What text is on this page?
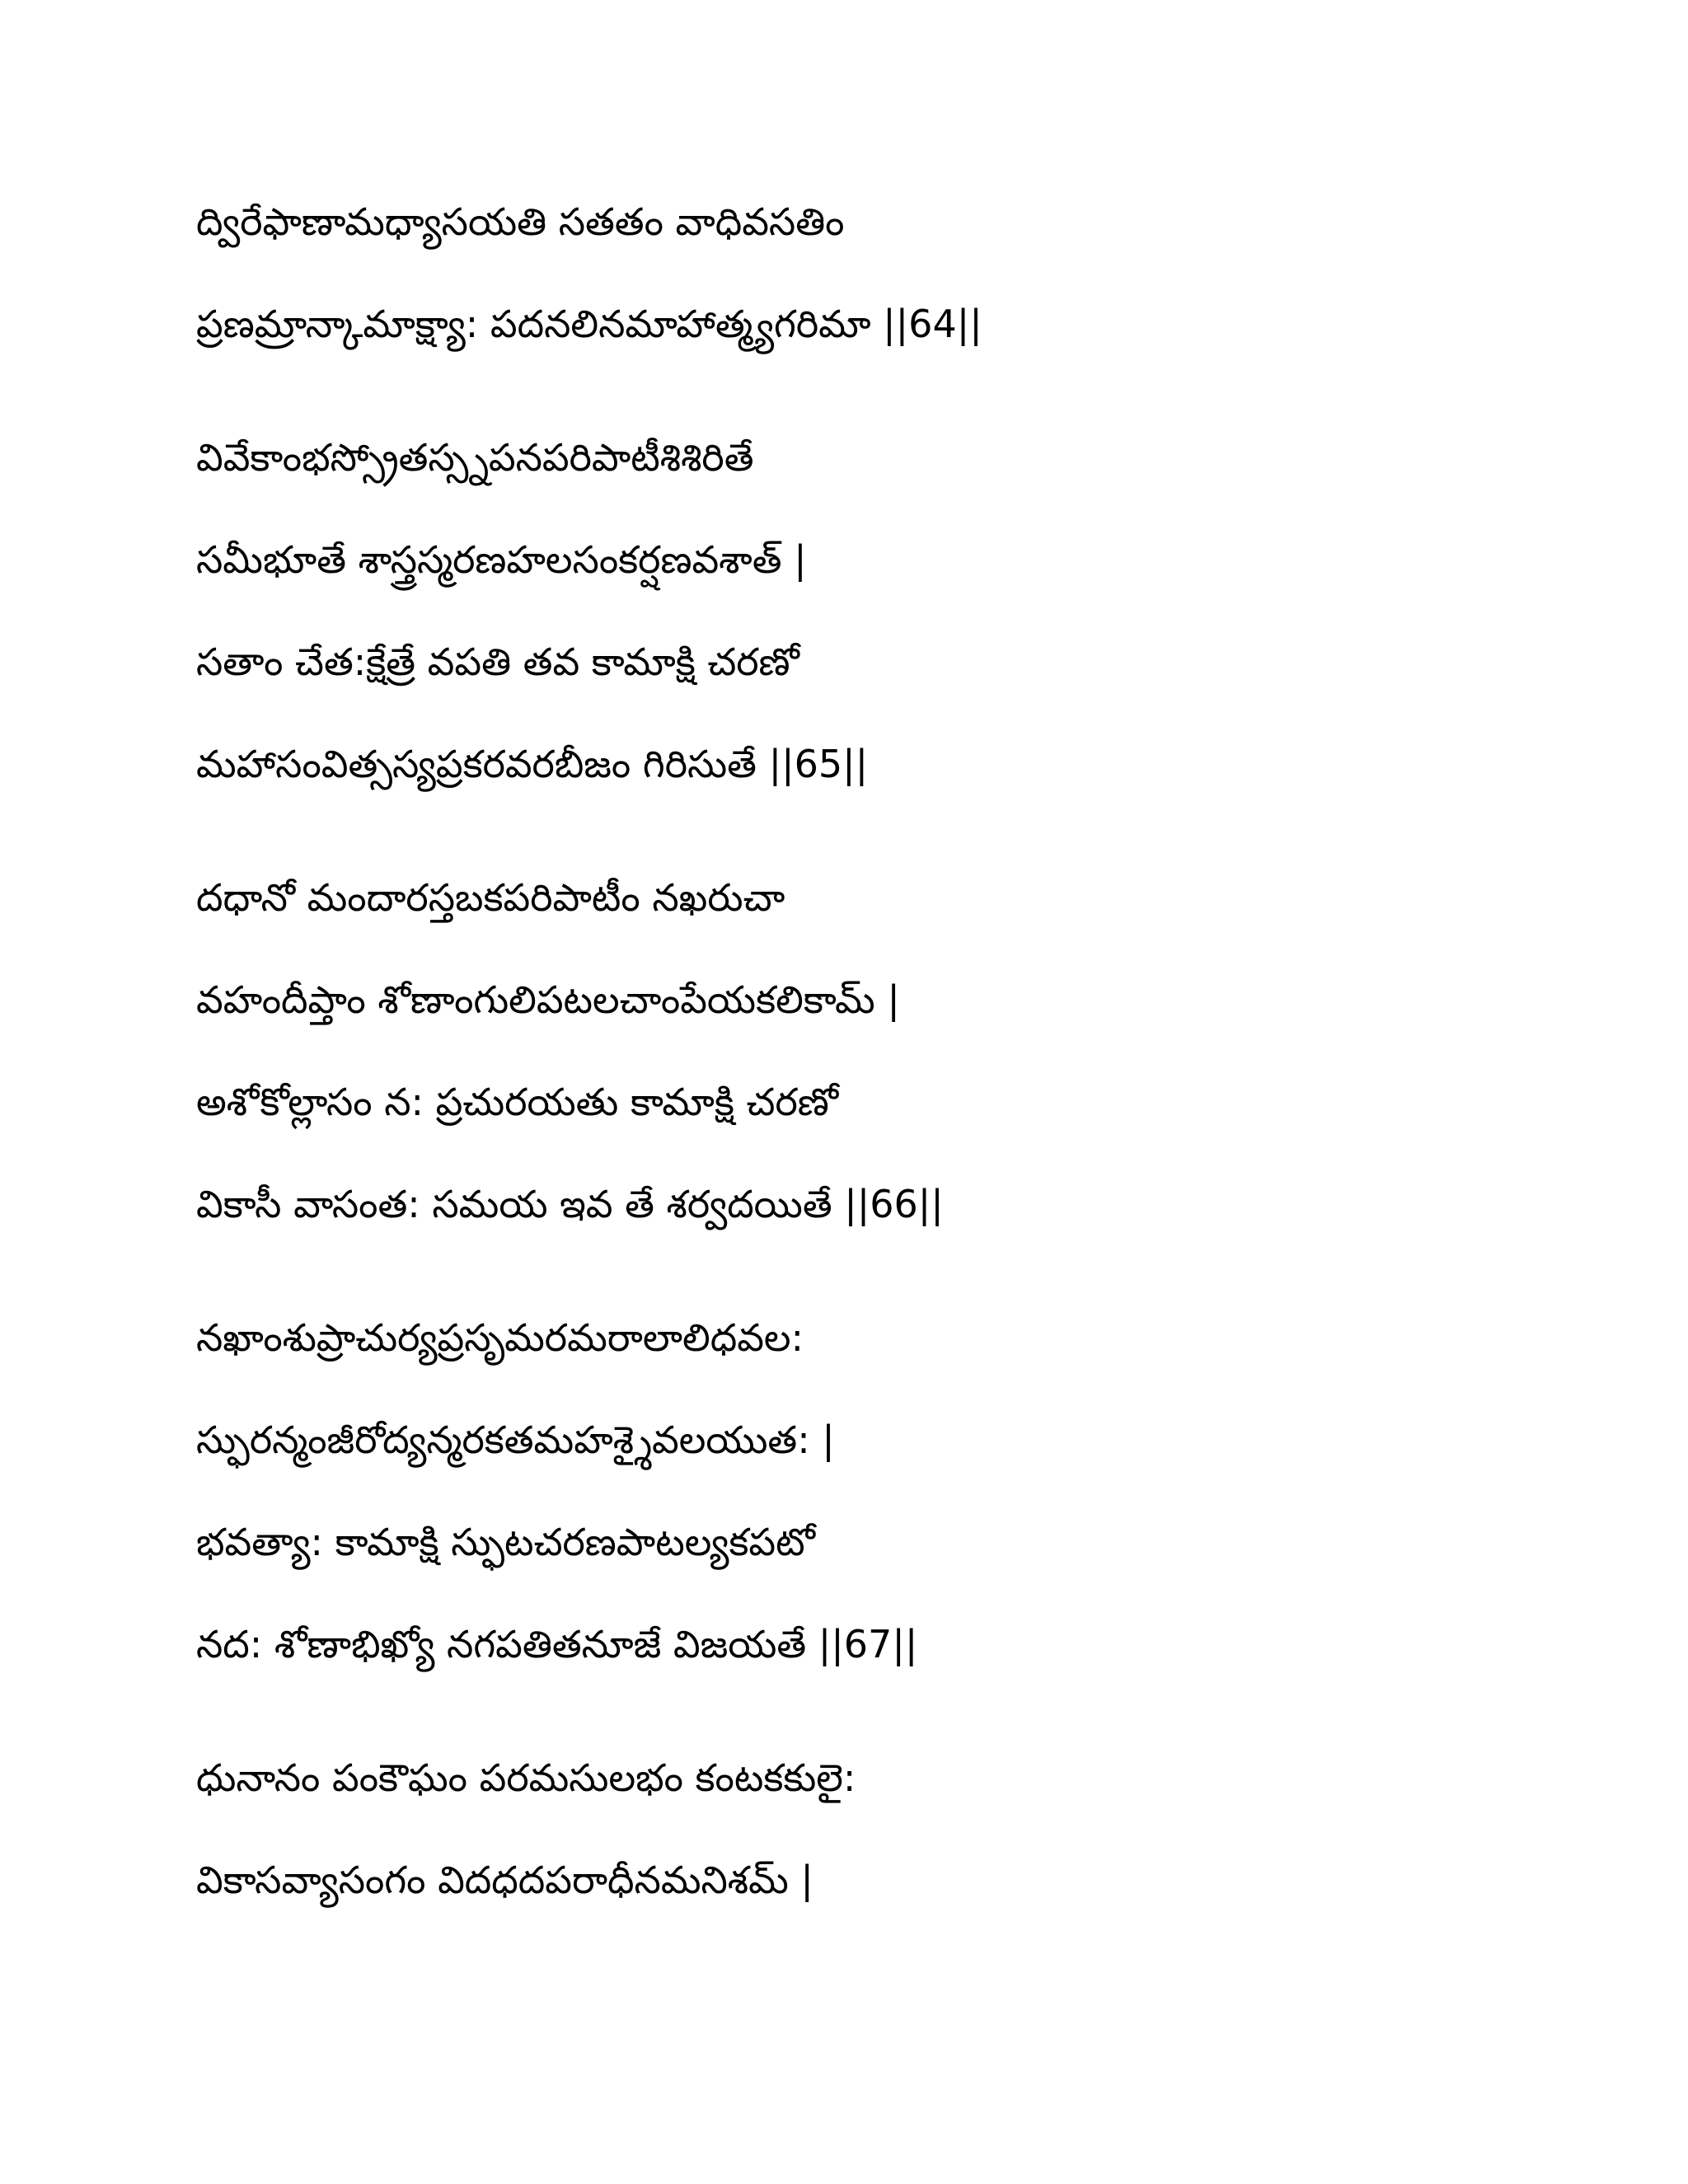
ద్విరేఫాణామధ్యాసయతి సతతం వాధివసతిం
ప్రణమ్రాన్కామాక్ష్యా: పదనలినమాహాత్మ్యగరిమా ||64||
వివేకాంభస్స్రోతస్స్నపనపరిపాటీశిశిరితే
సమీభూతే శాస్త్రస్మరణహలసంకర్షణవశాత్ |
సతాం చేత:క్షేత్రే వపతి తవ కామాక్షి చరణో
మహాసంవిత్సస్యప్రకరవరబీజం గిరిసుతే ||65||
దధానో మందారస్తబకపరిపాటీం నఖరుచా
వహందీప్తాం శోణాంగులిపటలచాంపేయకలికామ్ |
అశోకోల్లాసం న: ప్రచురయతు కామాక్షి చరణో
వికాసీ వాసంత: సమయ ఇవ తే శర్వదయితే ||66||
నఖాంశుప్రాచుర్యప్రసృమరమరాలాలిధవల:
స్ఫురన్మంజీరోద్యన్మరకతమహశ్శైవలయుత: |
భవత్యా: కామాక్షి స్ఫుటచరణపాటల్యకపటో
నద: శోణాభిఖ్యో నగపతితనూజే విజయతే ||67||
ధునానం పంకౌఘం పరమసులభం కంటకకులై:
వికాసవ్యాసంగం విదధదపరాధీనమనిశమ్ |
